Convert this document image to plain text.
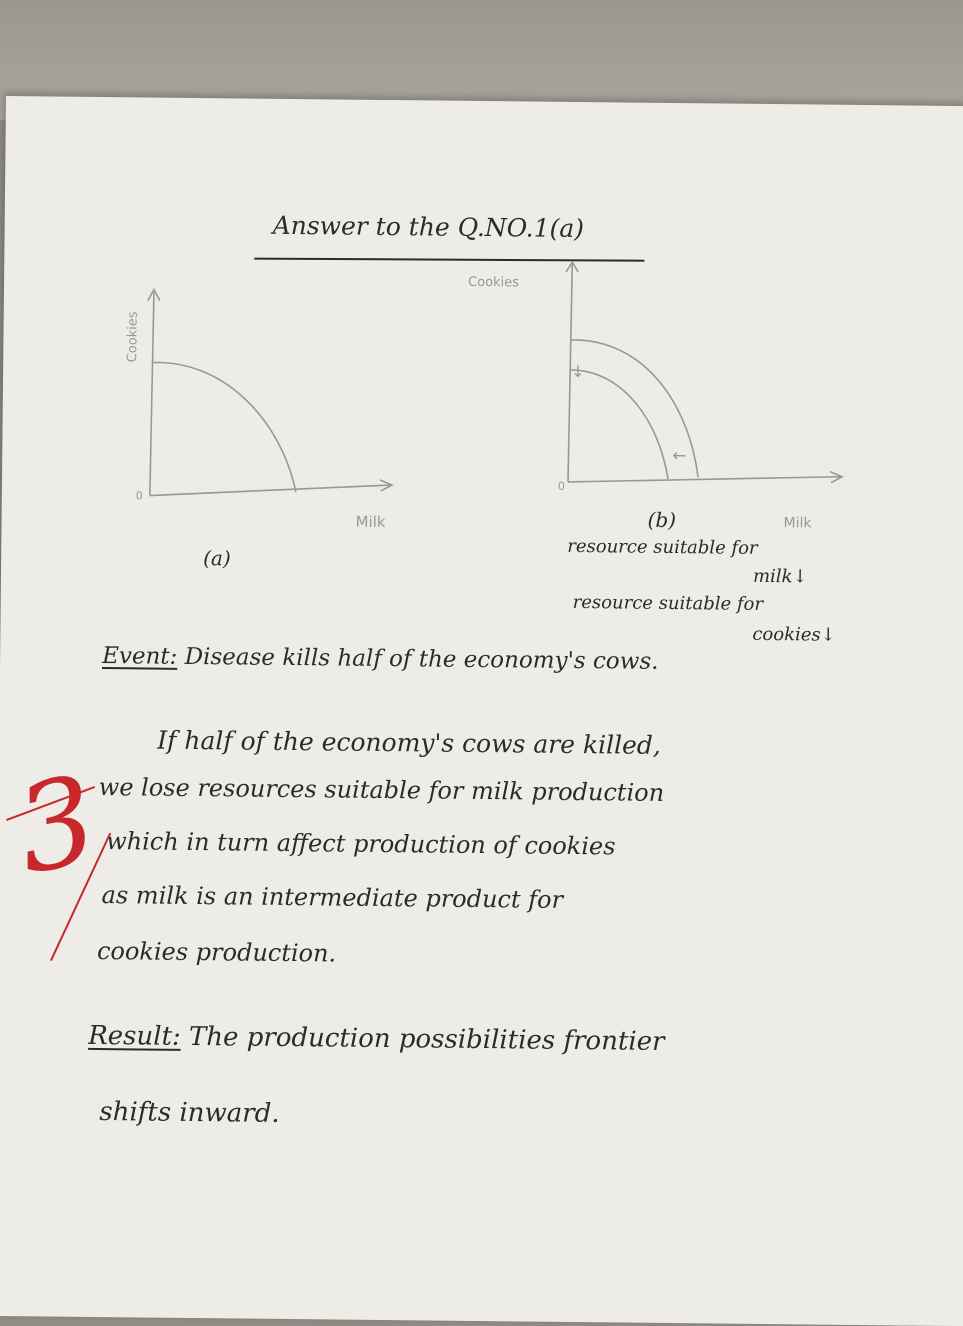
Answer to the Q.NO.1(a)
Cookies
0
Milk
(a)
Cookies
↓
←
0
(b)	Milk
resource suitable for
milk↓
resource suitable for
cookies↓
Event: Disease kills half of the economy's cows.
If half of the economy's cows are killed,
we lose resources suitable for milk production
which in turn affect production of cookies
as milk is an intermediate product for
cookies production.
Result: The production possibilities frontier
shifts inward.
3
